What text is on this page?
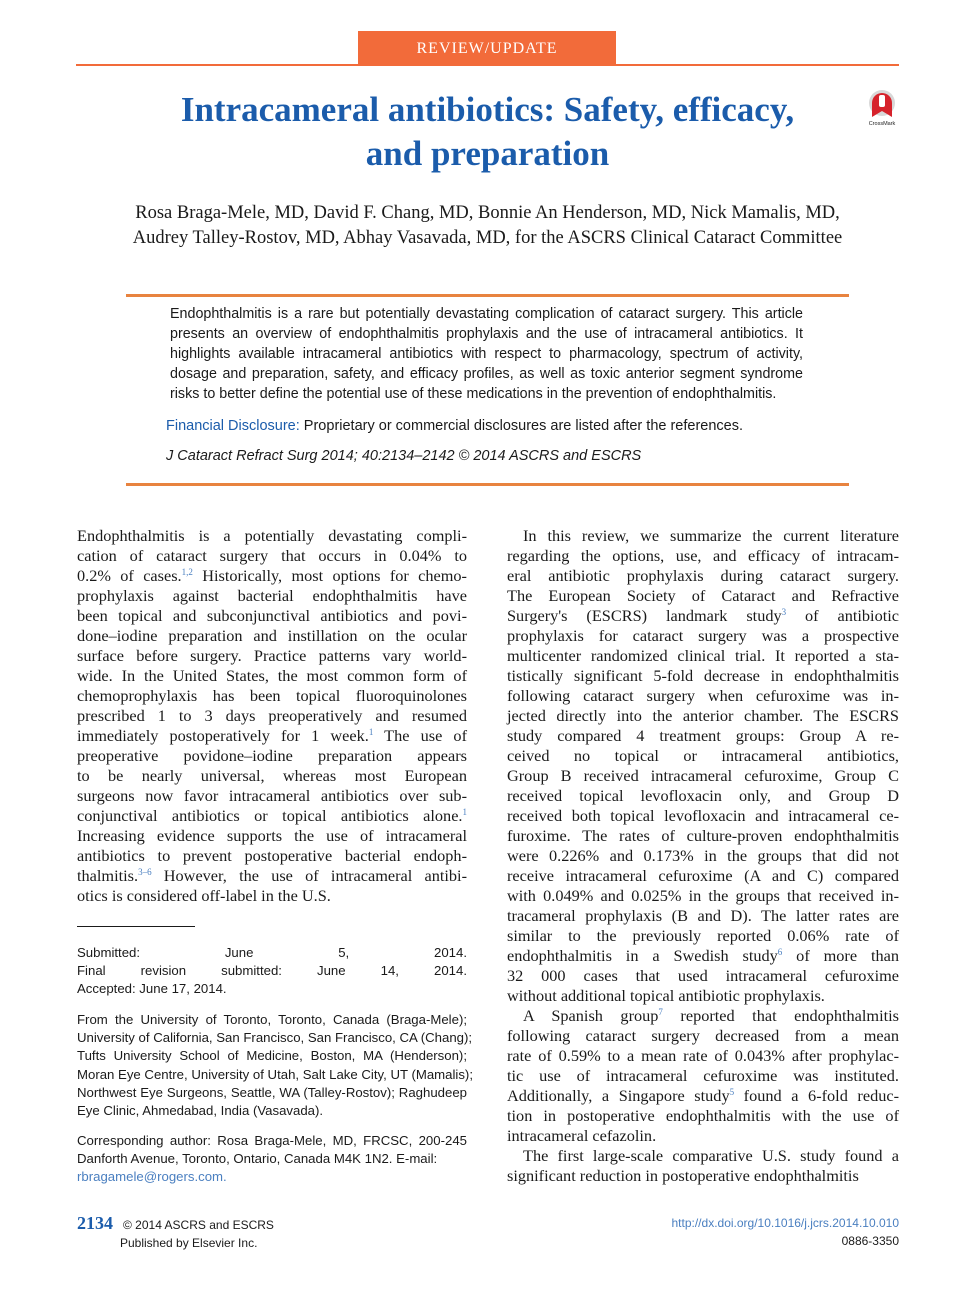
REVIEW/UPDATE
Intracameral antibiotics: Safety, efficacy,
and preparation
CrossMark
Rosa Braga-Mele, MD, David F. Chang, MD, Bonnie An Henderson, MD, Nick Mamalis, MD,
Audrey Talley-Rostov, MD, Abhay Vasavada, MD, for the ASCRS Clinical Cataract Committee
Endophthalmitis is a rare but potentially devastating complication of cataract surgery. This article presents an overview of endophthalmitis prophylaxis and the use of intracameral antibiotics. It highlights available intracameral antibiotics with respect to pharmacology, spectrum of activity, dosage and preparation, safety, and efficacy profiles, as well as toxic anterior segment syndrome risks to better define the potential use of these medications in the prevention of endophthalmitis.
Financial Disclosure: Proprietary or commercial disclosures are listed after the references.
J Cataract Refract Surg 2014; 40:2134–2142 © 2014 ASCRS and ESCRS
Endophthalmitis is a potentially devastating compli-
cation of cataract surgery that occurs in 0.04% to
0.2% of cases.$^{1,2}$ Historically, most options for chemo-
prophylaxis against bacterial endophthalmitis have
been topical and subconjunctival antibiotics and povi-
done–iodine preparation and instillation on the ocular
surface before surgery. Practice patterns vary world-
wide. In the United States, the most common form of
chemoprophylaxis has been topical fluoroquinolones
prescribed 1 to 3 days preoperatively and resumed
immediately postoperatively for 1 week.$^1$ The use of
preoperative povidone–iodine preparation appears
to be nearly universal, whereas most European
surgeons now favor intracameral antibiotics over sub-
conjunctival antibiotics or topical antibiotics alone.$^1$
Increasing evidence supports the use of intracameral
antibiotics to prevent postoperative bacterial endoph-
thalmitis.$^{3-6}$ However, the use of intracameral antibi-
otics is considered off-label in the U.S.
In this review, we summarize the current literature
regarding the options, use, and efficacy of intracam-
eral antibiotic prophylaxis during cataract surgery.
The European Society of Cataract and Refractive
Surgery's (ESCRS) landmark study$^3$ of antibiotic
prophylaxis for cataract surgery was a prospective
multicenter randomized clinical trial. It reported a sta-
tistically significant 5-fold decrease in endophthalmitis
following cataract surgery when cefuroxime was in-
jected directly into the anterior chamber. The ESCRS
study compared 4 treatment groups: Group A re-
ceived no topical or intracameral antibiotics,
Group B received intracameral cefuroxime, Group C
received topical levofloxacin only, and Group D
received both topical levofloxacin and intracameral ce-
furoxime. The rates of culture-proven endophthalmitis
were 0.226% and 0.173% in the groups that did not
receive intracameral cefuroxime (A and C) compared
with 0.049% and 0.025% in the groups that received in-
tracameral prophylaxis (B and D). The latter rates are
similar to the previously reported 0.06% rate of
endophthalmitis in a Swedish study$^6$ of more than
32 000 cases that used intracameral cefuroxime
without additional topical antibiotic prophylaxis.
A Spanish group$^7$ reported that endophthalmitis
following cataract surgery decreased from a mean
rate of 0.59% to a mean rate of 0.043% after prophylac-
tic use of intracameral cefuroxime was instituted.
Additionally, a Singapore study$^5$ found a 6-fold reduc-
tion in postoperative endophthalmitis with the use of
intracameral cefazolin.
The first large-scale comparative U.S. study found a
significant reduction in postoperative endophthalmitis
Submitted: June 5, 2014.
Final revision submitted: June 14, 2014.
Accepted: June 17, 2014.
From the University of Toronto, Toronto, Canada (Braga-Mele);
University of California, San Francisco, San Francisco, CA (Chang);
Tufts University School of Medicine, Boston, MA (Henderson);
Moran Eye Centre, University of Utah, Salt Lake City, UT (Mamalis);
Northwest Eye Surgeons, Seattle, WA (Talley-Rostov); Raghudeep
Eye Clinic, Ahmedabad, India (Vasavada).
Corresponding author: Rosa Braga-Mele, MD, FRCSC, 200-245
Danforth Avenue, Toronto, Ontario, Canada M4K 1N2. E-mail:
rbragamele@rogers.com.
2134 © 2014 ASCRS and ESCRS
Published by Elsevier Inc.
http://dx.doi.org/10.1016/j.jcrs.2014.10.010
0886-3350
